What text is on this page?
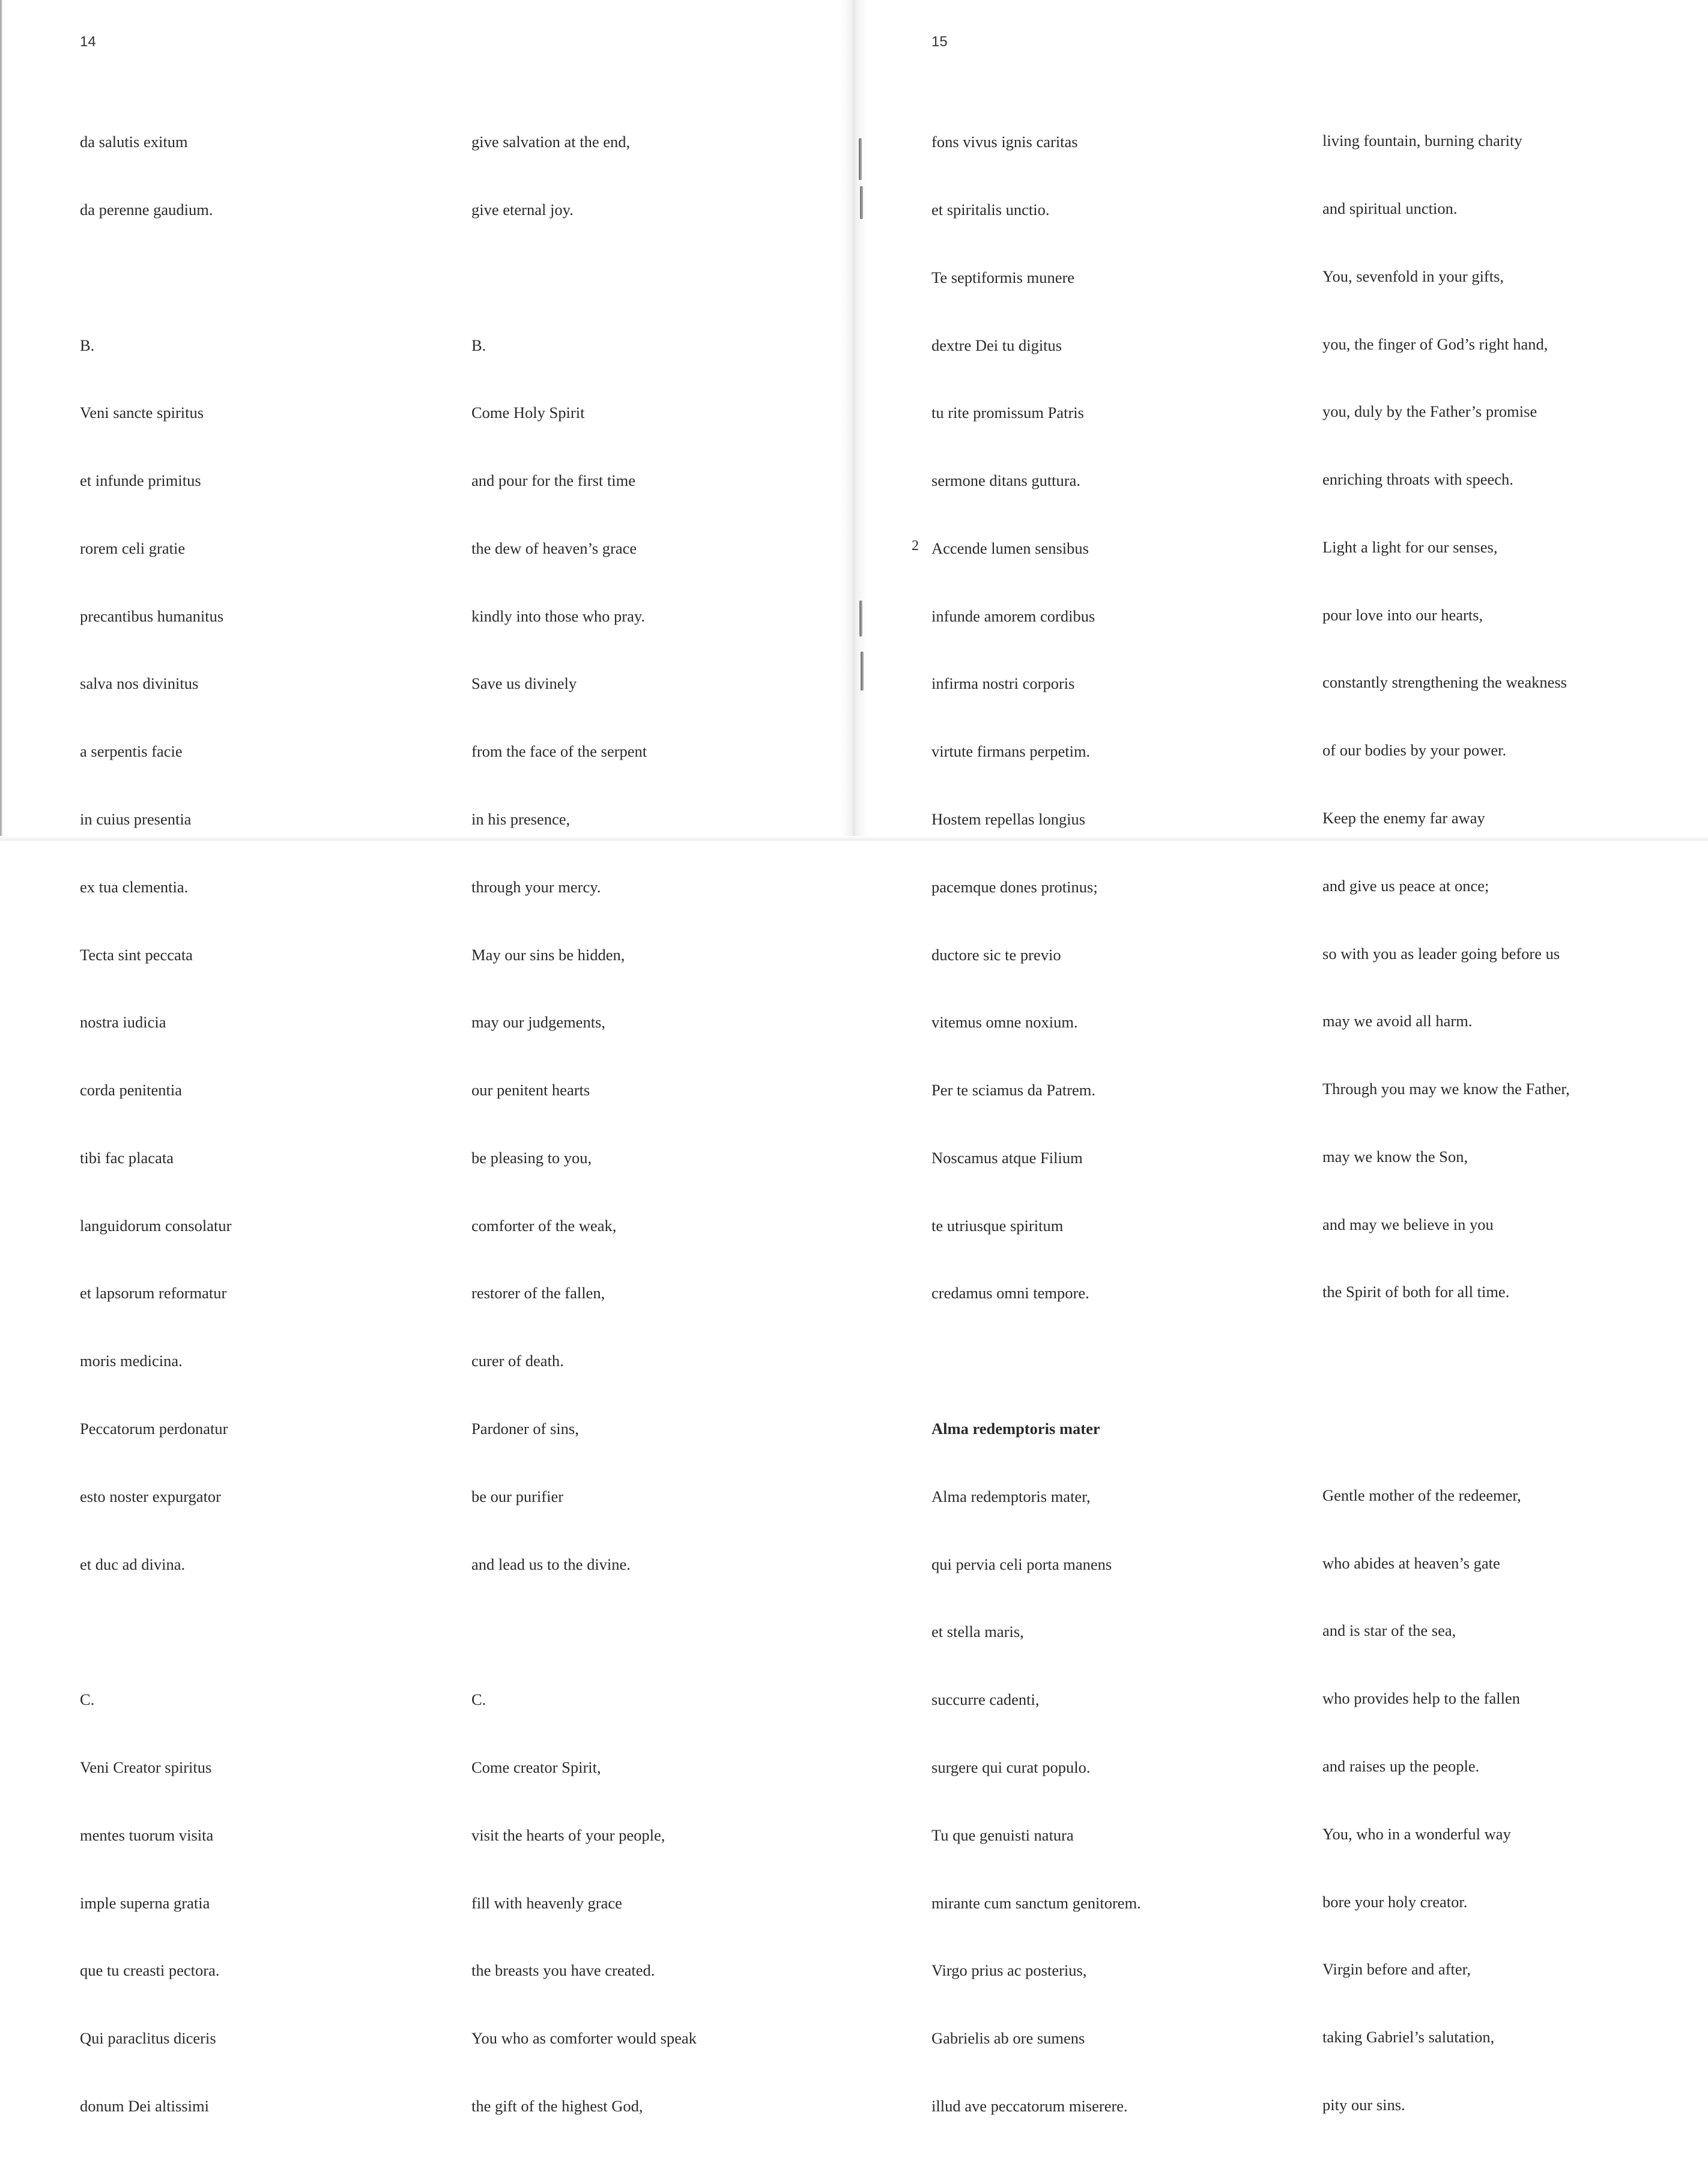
14

da salutis exitum

da perenne gaudium.

B.

Veni sancte spiritus

et infunde primitus

rorem celi gratie

precantibus humanitus

salva nos divinitus

a serpentis facie

in cuius presentia

ex tua clementia.

Tecta sint peccata

nostra iudicia

corda penitentia

tibi fac placata

languidorum consolatur

et lapsorum reformatur

moris medicina.

Peccatorum perdonatur

esto noster expurgator

et duc ad divina.

C.

Veni Creator spiritus

mentes tuorum visita

imple superna gratia

que tu creasti pectora.

Qui paraclitus diceris

donum Dei altissimi

give salvation at the end,

give eternal joy.

B.

Come Holy Spirit

and pour for the first time

the dew of heaven’s grace

kindly into those who pray.

Save us divinely

from the face of the serpent

in his presence,

through your mercy.

May our sins be hidden,

may our judgements,

our penitent hearts

be pleasing to you,

comforter of the weak,

restorer of the fallen,

curer of death.

Pardoner of sins,

be our purifier

and lead us to the divine.

C.

Come creator Spirit,

visit the hearts of your people,

fill with heavenly grace

the breasts you have created.

You who as comforter would speak

the gift of the highest God,

15
2

fons vivus ignis caritas

et spiritalis unctio.

Te septiformis munere

dextre Dei tu digitus

tu rite promissum Patris

sermone ditans guttura.

Accende lumen sensibus

infunde amorem cordibus

infirma nostri corporis

virtute firmans perpetim.

Hostem repellas longius

pacemque dones protinus;

ductore sic te previo

vitemus omne noxium.

Per te sciamus da Patrem.

Noscamus atque Filium

te utriusque spiritum

credamus omni tempore.

Alma redemptoris mater

Alma redemptoris mater,

qui pervia celi porta manens

et stella maris,

succurre cadenti,

surgere qui curat populo.

Tu que genuisti natura

mirante cum sanctum genitorem.

Virgo prius ac posterius,

Gabrielis ab ore sumens

illud ave peccatorum miserere.

living fountain, burning charity

and spiritual unction.

You, sevenfold in your gifts,

you, the finger of God’s right hand,

you, duly by the Father’s promise

enriching throats with speech.

Light a light for our senses,

pour love into our hearts,

constantly strengthening the weakness

of our bodies by your power.

Keep the enemy far away

and give us peace at once;

so with you as leader going before us

may we avoid all harm.

Through you may we know the Father,

may we know the Son,

and may we believe in you

the Spirit of both for all time.

Gentle mother of the redeemer,

who abides at heaven’s gate

and is star of the sea,

who provides help to the fallen

and raises up the people.

You, who in a wonderful way

bore your holy creator.

Virgin before and after,

taking Gabriel’s salutation,

pity our sins.
